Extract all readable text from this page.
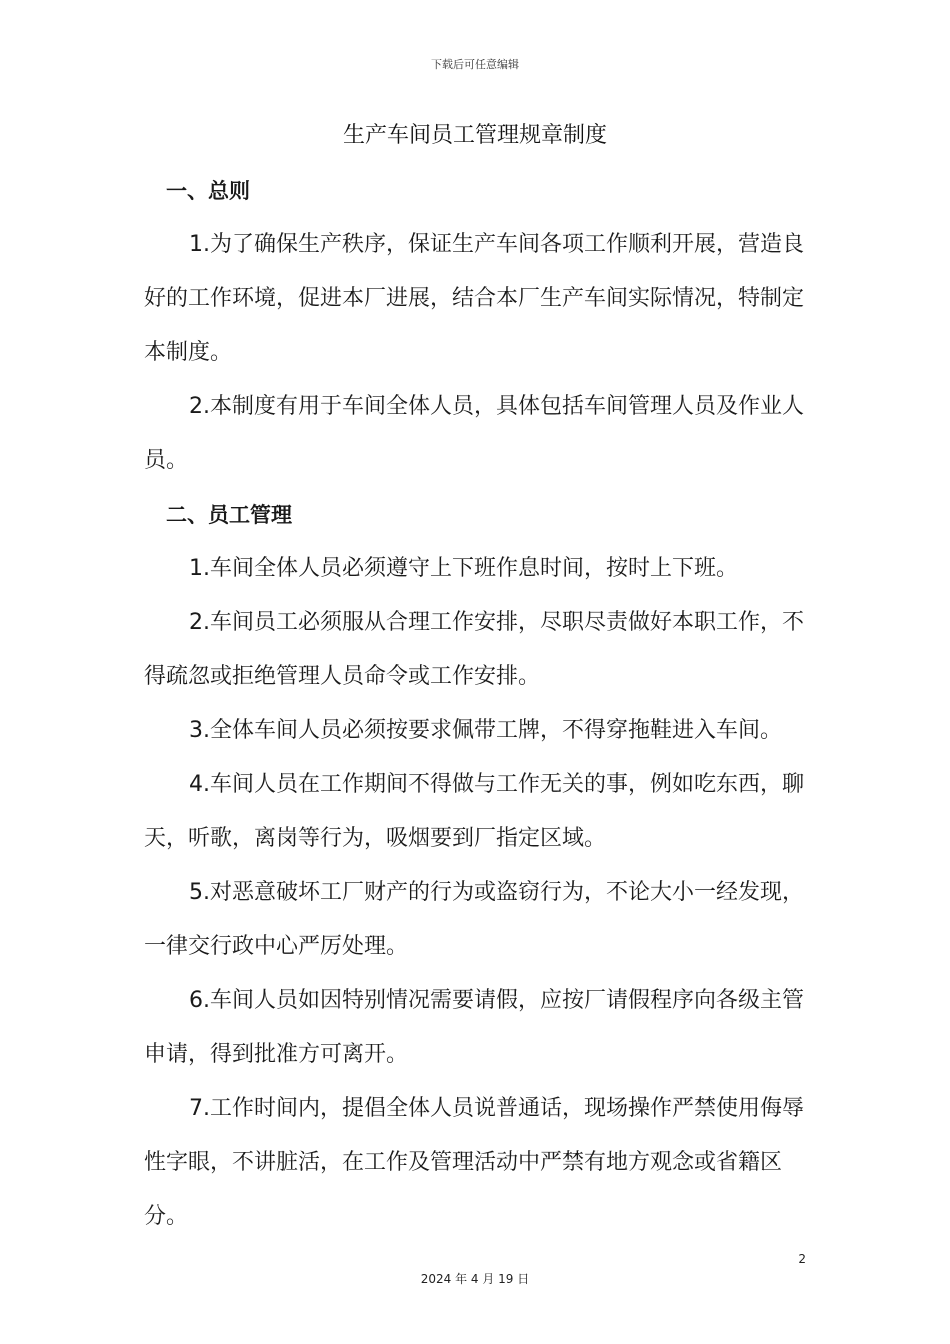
下载后可任意编辑
生产车间员工管理规章制度
一、总则

1.为了确保生产秩序，保证生产车间各项工作顺利开展，营造良好的工作环境，促进本厂进展，结合本厂生产车间实际情况，特制定本制度。

2.本制度有用于车间全体人员，具体包括车间管理人员及作业人员。

二、员工管理

1.车间全体人员必须遵守上下班作息时间，按时上下班。

2.车间员工必须服从合理工作安排，尽职尽责做好本职工作，不得疏忽或拒绝管理人员命令或工作安排。

3.全体车间人员必须按要求佩带工牌，不得穿拖鞋进入车间。

4.车间人员在工作期间不得做与工作无关的事，例如吃东西，聊天，听歌，离岗等行为，吸烟要到厂指定区域。

5.对恶意破坏工厂财产的行为或盗窃行为，不论大小一经发现，一律交行政中心严厉处理。

6.车间人员如因特别情况需要请假，应按厂请假程序向各级主管申请，得到批准方可离开。

7.工作时间内，提倡全体人员说普通话，现场操作严禁使用侮辱性字眼，不讲脏活，在工作及管理活动中严禁有地方观念或省籍区分。

2
2024 年 4 月 19 日
